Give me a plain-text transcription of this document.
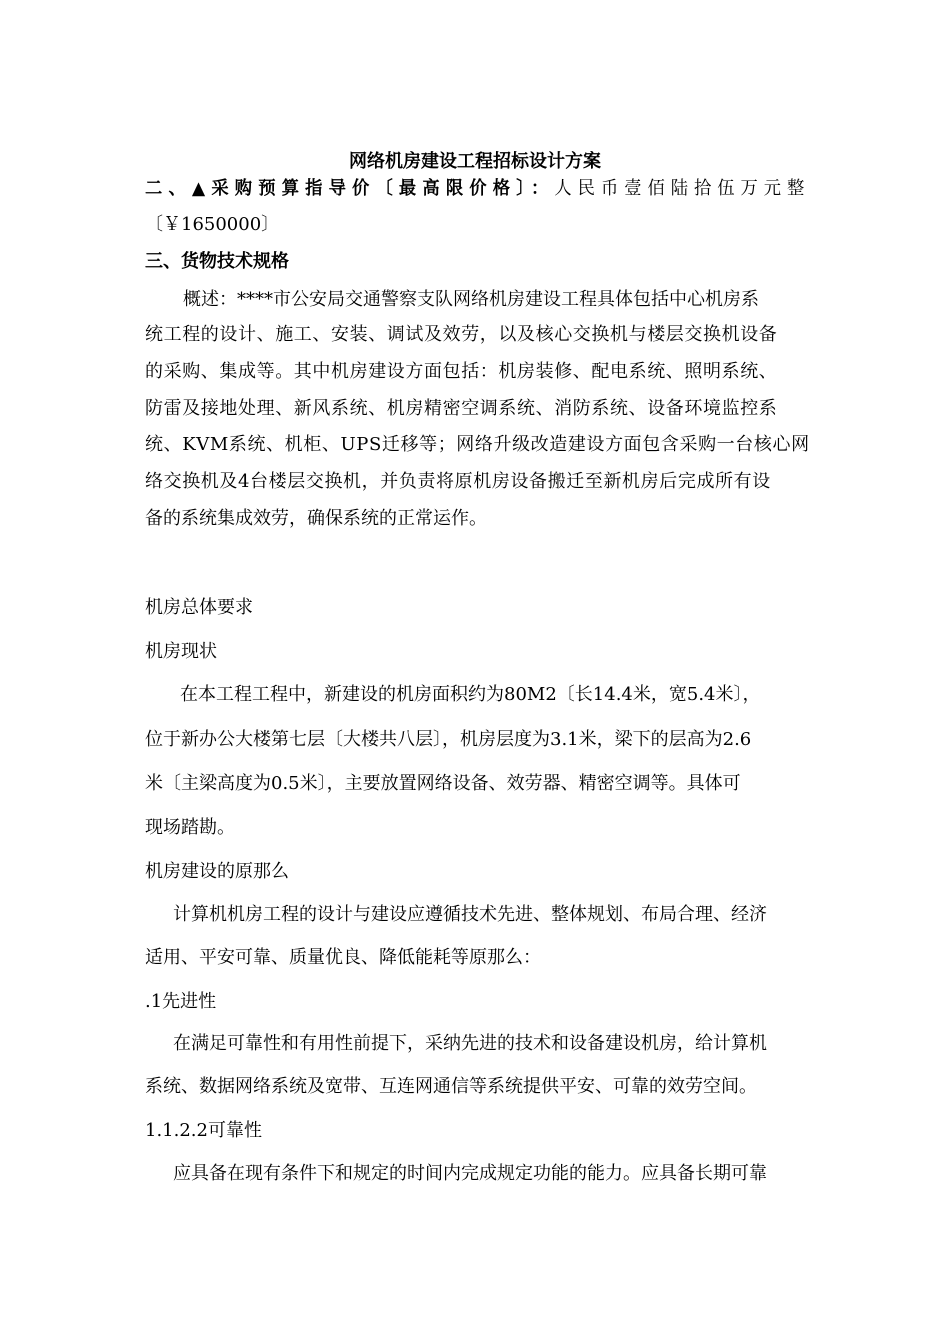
网络机房建设工程招标设计方案
二、▲采购预算指导价〔最高限价格〕：人民币壹佰陆拾伍万元整
〔￥1650000〕
三、货物技术规格
概述：****市公安局交通警察支队网络机房建设工程具体包括中心机房系
统工程的设计、施工、安装、调试及效劳，以及核心交换机与楼层交换机设备
的采购、集成等。其中机房建设方面包括：机房装修、配电系统、照明系统、
防雷及接地处理、新风系统、机房精密空调系统、消防系统、设备环境监控系
统、KVM系统、机柜、UPS迁移等；网络升级改造建设方面包含采购一台核心网
络交换机及4台楼层交换机，并负责将原机房设备搬迁至新机房后完成所有设
备的系统集成效劳，确保系统的正常运作。
机房总体要求
机房现状
在本工程工程中，新建设的机房面积约为80M2〔长14.4米，宽5.4米〕，
位于新办公大楼第七层〔大楼共八层〕，机房层度为3.1米，梁下的层高为2.6
米〔主梁高度为0.5米〕，主要放置网络设备、效劳器、精密空调等。具体可
现场踏勘。
机房建设的原那么
计算机机房工程的设计与建设应遵循技术先进、整体规划、布局合理、经济
适用、平安可靠、质量优良、降低能耗等原那么：
.1先进性
在满足可靠性和有用性前提下，采纳先进的技术和设备建设机房，给计算机
系统、数据网络系统及宽带、互连网通信等系统提供平安、可靠的效劳空间。
1.1.2.2可靠性
应具备在现有条件下和规定的时间内完成规定功能的能力。应具备长期可靠
